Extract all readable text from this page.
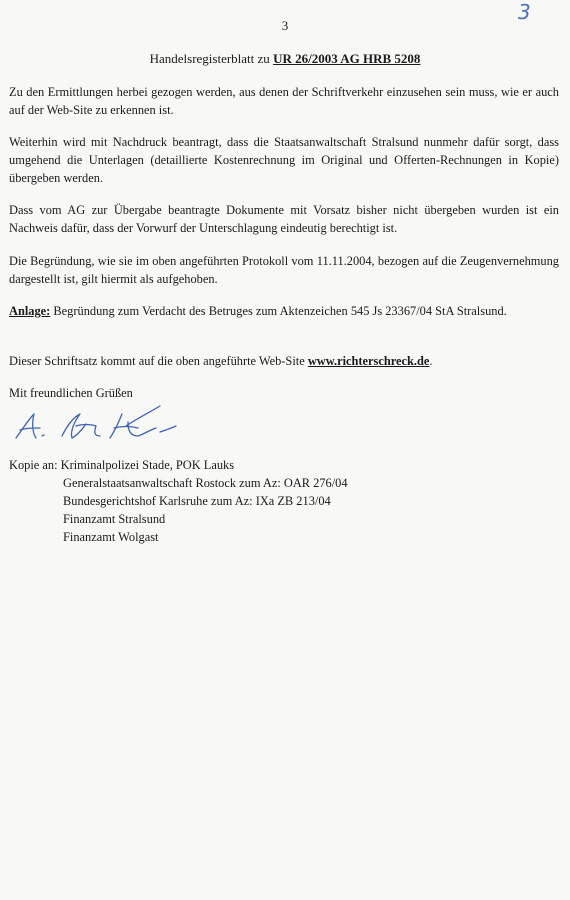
3
3
Handelsregisterblatt zu UR 26/2003 AG HRB 5208

Zu den Ermittlungen herbei gezogen werden, aus denen der Schriftverkehr einzusehen sein muss, wie er auch auf der Web-Site zu erkennen ist.

Weiterhin wird mit Nachdruck beantragt, dass die Staatsanwaltschaft Stralsund nunmehr dafür sorgt, dass umgehend die Unterlagen (detaillierte Kostenrechnung im Original und Offerten-Rechnungen in Kopie) übergeben werden.

Dass vom AG zur Übergabe beantragte Dokumente mit Vorsatz bisher nicht übergeben wurden ist ein Nachweis dafür, dass der Vorwurf der Unterschlagung eindeutig berechtigt ist.

Die Begründung, wie sie im oben angeführten Protokoll vom 11.11.2004, bezogen auf die Zeugenvernehmung dargestellt ist, gilt hiermit als aufgehoben.

Anlage: Begründung zum Verdacht des Betruges zum Aktenzeichen 545 Js 23367/04 StA Stralsund.

Dieser Schriftsatz kommt auf die oben angeführte Web-Site www.richterschreck.de.

Mit freundlichen Grüßen

Kopie an: Kriminalpolizei Stade, POK Lauks
Generalstaatsanwaltschaft Rostock zum Az: OAR 276/04
Bundesgerichtshof Karlsruhe zum Az: IXa ZB 213/04
Finanzamt Stralsund
Finanzamt Wolgast
